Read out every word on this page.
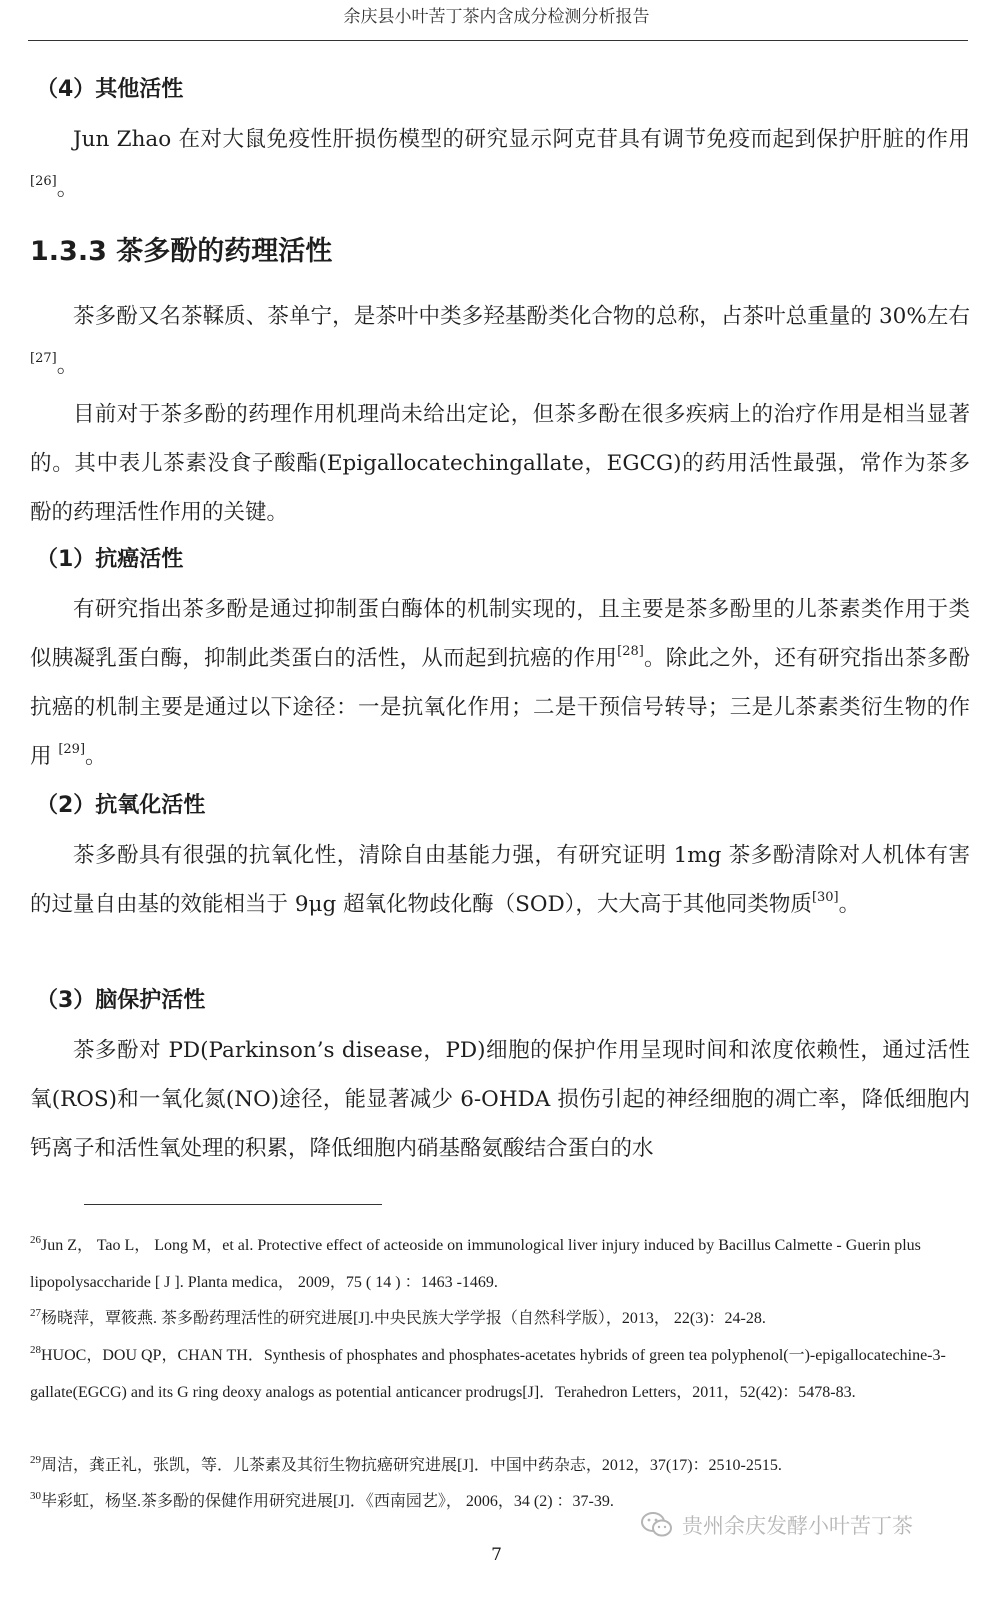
余庆县小叶苦丁茶内含成分检测分析报告
（4）其他活性

Jun Zhao 在对大鼠免疫性肝损伤模型的研究显示阿克苷具有调节免疫而起到保护肝脏的作用[26]。

1.3.3 茶多酚的药理活性

茶多酚又名茶鞣质、茶单宁，是茶叶中类多羟基酚类化合物的总称，占茶叶总重量的 30%左右[27]。

目前对于茶多酚的药理作用机理尚未给出定论，但茶多酚在很多疾病上的治疗作用是相当显著的。其中表儿茶素没食子酸酯(Epigallocatechingallate，EGCG)的药用活性最强，常作为茶多酚的药理活性作用的关键。

（1）抗癌活性

有研究指出茶多酚是通过抑制蛋白酶体的机制实现的，且主要是茶多酚里的儿茶素类作用于类似胰凝乳蛋白酶，抑制此类蛋白的活性，从而起到抗癌的作用[28]。除此之外，还有研究指出茶多酚抗癌的机制主要是通过以下途径：一是抗氧化作用；二是干预信号转导；三是儿茶素类衍生物的作用 [29]。

（2）抗氧化活性

茶多酚具有很强的抗氧化性，清除自由基能力强，有研究证明 1mg 茶多酚清除对人机体有害的过量自由基的效能相当于 9μg 超氧化物歧化酶（SOD），大大高于其他同类物质[30]。

（3）脑保护活性

茶多酚对 PD(Parkinson’s disease，PD)细胞的保护作用呈现时间和浓度依赖性，通过活性氧(ROS)和一氧化氮(NO)途径，能显著减少 6-OHDA 损伤引起的神经细胞的凋亡率，降低细胞内钙离子和活性氧处理的积累，降低细胞内硝基酪氨酸结合蛋白的水

$^{26}$Jun Z， Tao L， Long M，et al. Protective effect of acteoside on immunological liver injury induced by Bacillus Calmette - Guerin plus lipopolysaccharide [ J ]. Planta medica， 2009，75 ( 14 ) ：1463 -1469.

$^{27}$杨晓萍，覃筱燕. 茶多酚药理活性的研究进展[J].中央民族大学学报（自然科学版），2013， 22(3)：24-28.

$^{28}$HUOC，DOU QP，CHAN TH．Synthesis of phosphates and phosphates-acetates hybrids of green tea polyphenol(一)-epigallocatechine-3-gallate(EGCG) and its G ring deoxy analogs as potential anticancer prodrugs[J]．Terahedron Letters，2011，52(42)：5478-83.

$^{29}$周洁，龚正礼，张凯，等．儿茶素及其衍生物抗癌研究进展[J]．中国中药杂志，2012，37(17)：2510-2515.

$^{30}$毕彩虹，杨坚.茶多酚的保健作用研究进展[J]．《西南园艺》， 2006，34 (2) ：37-39.

7
贵州余庆发酵小叶苦丁茶
